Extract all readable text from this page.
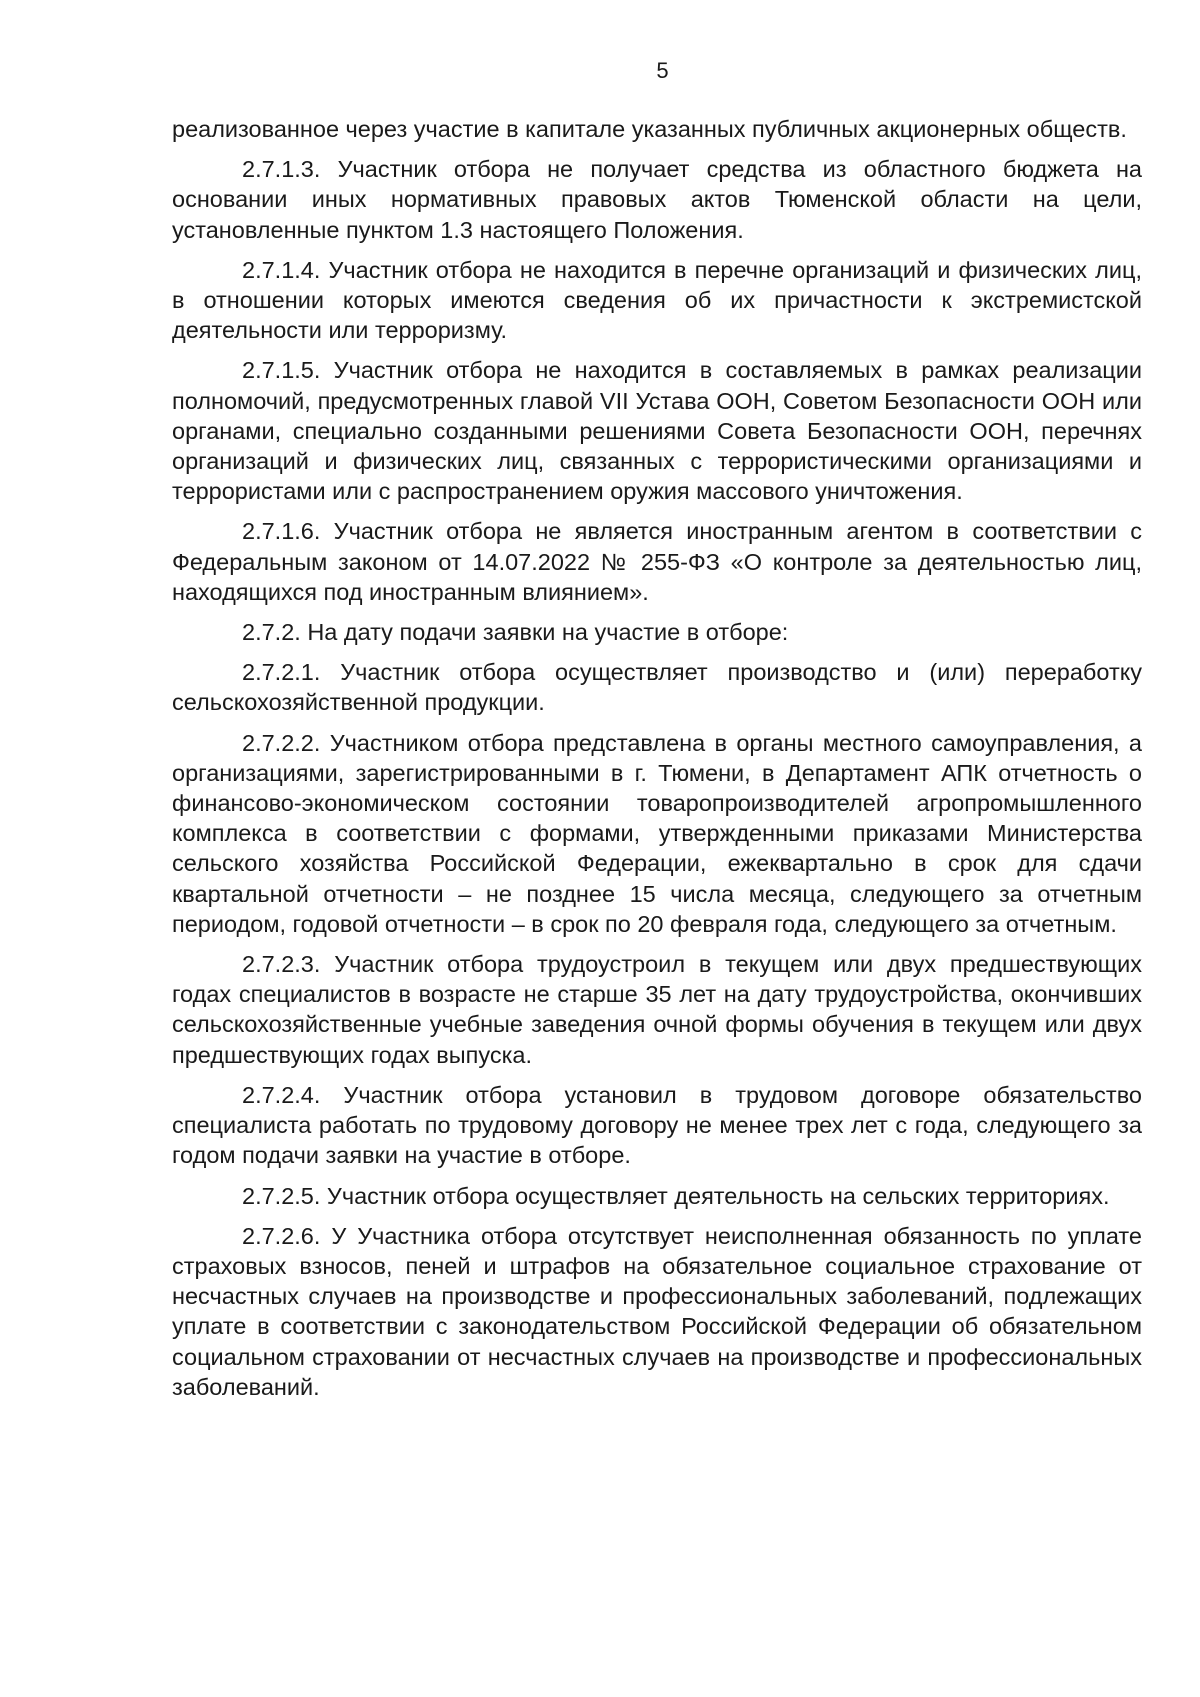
5

реализованное через участие в капитале указанных публичных акционерных обществ.

2.7.1.3. Участник отбора не получает средства из областного бюджета на основании иных нормативных правовых актов Тюменской области на цели, установленные пунктом 1.3 настоящего Положения.

2.7.1.4. Участник отбора не находится в перечне организаций и физических лиц, в отношении которых имеются сведения об их причастности к экстремистской деятельности или терроризму.

2.7.1.5. Участник отбора не находится в составляемых в рамках реализации полномочий, предусмотренных главой VII Устава ООН, Советом Безопасности ООН или органами, специально созданными решениями Совета Безопасности ООН, перечнях организаций и физических лиц, связанных с террористическими организациями и террористами или с распространением оружия массового уничтожения.

2.7.1.6. Участник отбора не является иностранным агентом в соответствии с Федеральным законом от 14.07.2022 № 255-ФЗ «О контроле за деятельностью лиц, находящихся под иностранным влиянием».

2.7.2. На дату подачи заявки на участие в отборе:

2.7.2.1. Участник отбора осуществляет производство и (или) переработку сельскохозяйственной продукции.

2.7.2.2. Участником отбора представлена в органы местного самоуправления, а организациями, зарегистрированными в г. Тюмени, в Департамент АПК отчетность о финансово-экономическом состоянии товаропроизводителей агропромышленного комплекса в соответствии с формами, утвержденными приказами Министерства сельского хозяйства Российской Федерации, ежеквартально в срок для сдачи квартальной отчетности – не позднее 15 числа месяца, следующего за отчетным периодом, годовой отчетности – в срок по 20 февраля года, следующего за отчетным.

2.7.2.3. Участник отбора трудоустроил в текущем или двух предшествующих годах специалистов в возрасте не старше 35 лет на дату трудоустройства, окончивших сельскохозяйственные учебные заведения очной формы обучения в текущем или двух предшествующих годах выпуска.

2.7.2.4. Участник отбора установил в трудовом договоре обязательство специалиста работать по трудовому договору не менее трех лет с года, следующего за годом подачи заявки на участие в отборе.

2.7.2.5. Участник отбора осуществляет деятельность на сельских территориях.

2.7.2.6. У Участника отбора отсутствует неисполненная обязанность по уплате страховых взносов, пеней и штрафов на обязательное социальное страхование от несчастных случаев на производстве и профессиональных заболеваний, подлежащих уплате в соответствии с законодательством Российской Федерации об обязательном социальном страховании от несчастных случаев на производстве и профессиональных заболеваний.
